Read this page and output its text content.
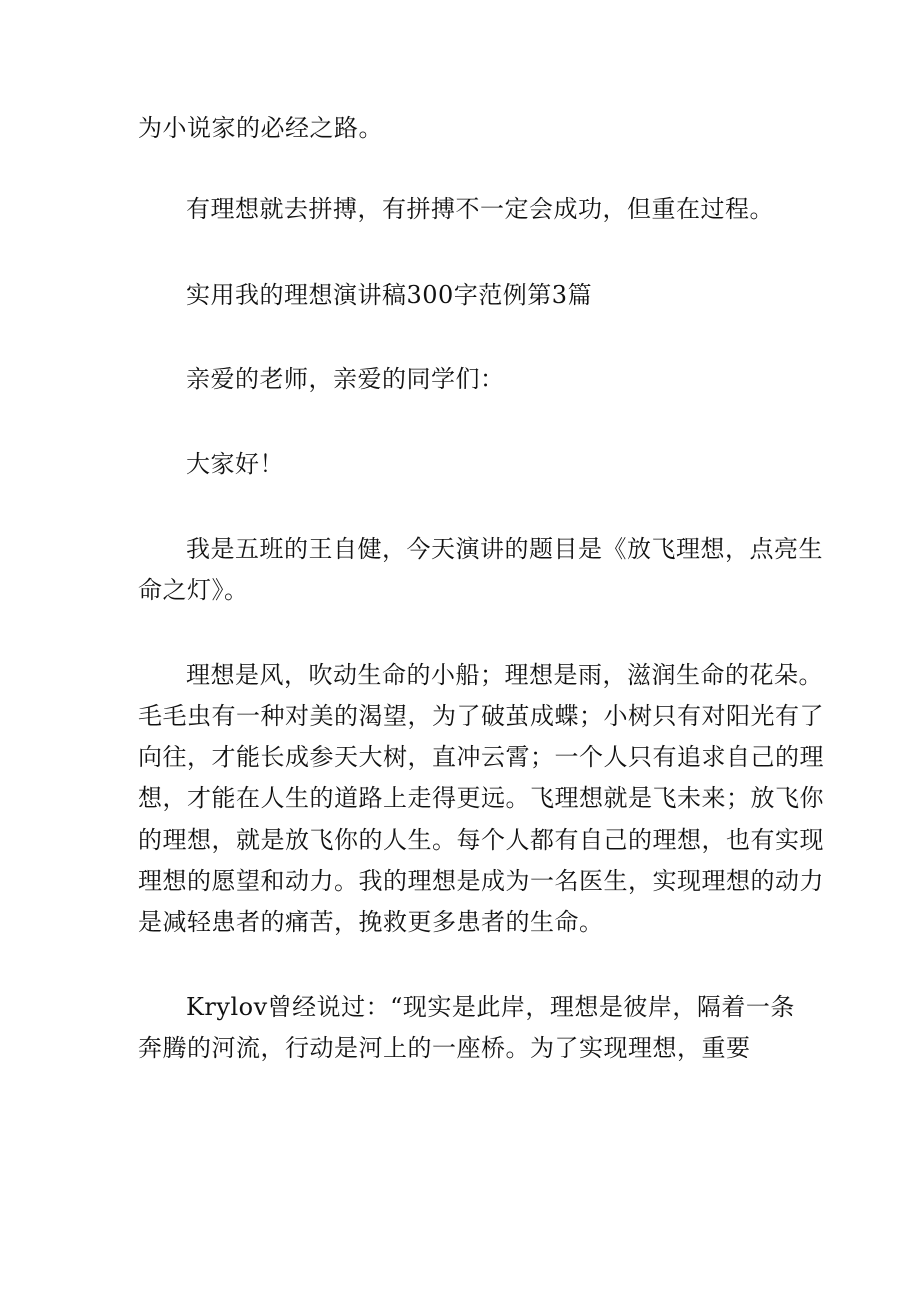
为小说家的必经之路。
有理想就去拼搏，有拼搏不一定会成功，但重在过程。
实用我的理想演讲稿300字范例第3篇
亲爱的老师，亲爱的同学们：
大家好！
我是五班的王自健，今天演讲的题目是《放飞理想，点亮生
命之灯》。
理想是风，吹动生命的小船；理想是雨，滋润生命的花朵。
毛毛虫有一种对美的渴望，为了破茧成蝶；小树只有对阳光有了
向往，才能长成参天大树，直冲云霄；一个人只有追求自己的理
想，才能在人生的道路上走得更远。飞理想就是飞未来；放飞你
的理想，就是放飞你的人生。每个人都有自己的理想，也有实现
理想的愿望和动力。我的理想是成为一名医生，实现理想的动力
是减轻患者的痛苦，挽救更多患者的生命。
Krylov曾经说过：“现实是此岸，理想是彼岸，隔着一条
奔腾的河流，行动是河上的一座桥。为了实现理想，重要
